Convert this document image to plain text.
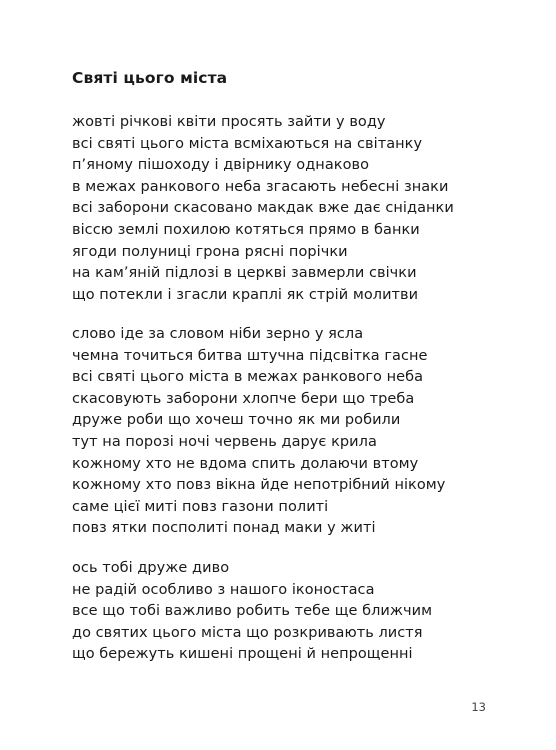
Святі цього міста
жовті річкові квіти просять зайти у воду
всі святі цього міста всміхаються на світанку
п’яному пішоходу і двірнику однаково
в межах ранкового неба згасають небесні знаки
всі заборони скасовано макдак вже дає сніданки
віссю землі похилою котяться прямо в банки
ягоди полуниці грона рясні порічки
на кам’яній підлозі в церкві завмерли свічки
що потекли і згасли краплі як стрій молитви
слово іде за словом ніби зерно у ясла
чемна точиться битва штучна підсвітка гасне
всі святі цього міста в межах ранкового неба
скасовують заборони хлопче бери що треба
друже роби що хочеш точно як ми робили
тут на порозі ночі червень дарує крила
кожному хто не вдома спить долаючи втому
кожному хто повз вікна йде непотрібний нікому
саме цієї миті повз газони политі
повз ятки посполиті понад маки у житі
ось тобі друже диво
не радій особливо з нашого іконостаса
все що тобі важливо робить тебе ще ближчим
до святих цього міста що розкривають листя
що бережуть кишені прощені й непрощенні
13
